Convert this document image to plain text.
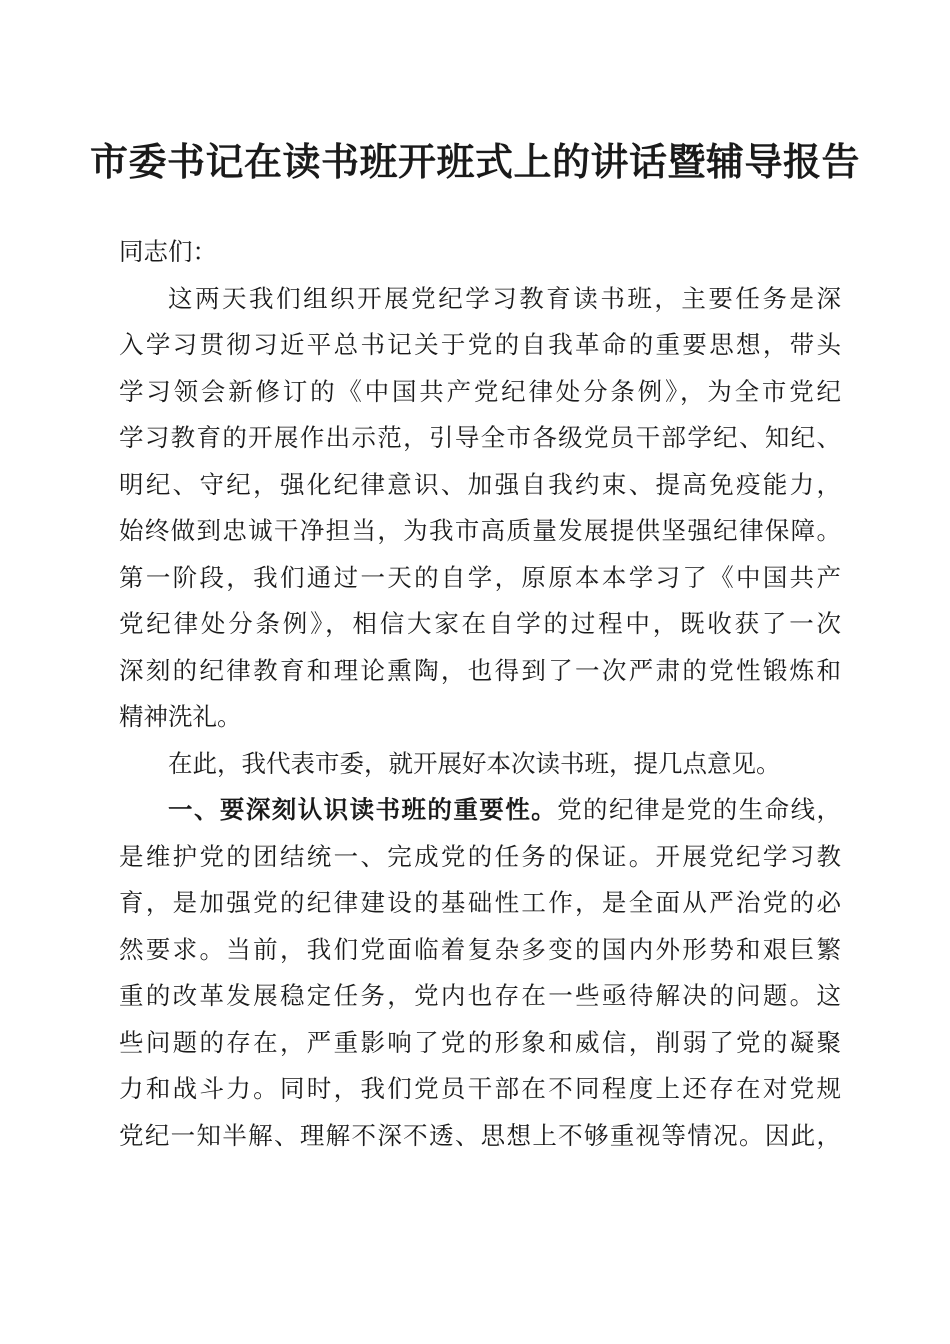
市委书记在读书班开班式上的讲话暨辅导报告
同志们：
这两天我们组织开展党纪学习教育读书班，主要任务是深
入学习贯彻习近平总书记关于党的自我革命的重要思想，带头
学习领会新修订的《中国共产党纪律处分条例》，为全市党纪
学习教育的开展作出示范，引导全市各级党员干部学纪、知纪、
明纪、守纪，强化纪律意识、加强自我约束、提高免疫能力，
始终做到忠诚干净担当，为我市高质量发展提供坚强纪律保障。
第一阶段，我们通过一天的自学，原原本本学习了《中国共产
党纪律处分条例》，相信大家在自学的过程中，既收获了一次
深刻的纪律教育和理论熏陶，也得到了一次严肃的党性锻炼和
精神洗礼。
在此，我代表市委，就开展好本次读书班，提几点意见。
一、要深刻认识读书班的重要性。党的纪律是党的生命线，
是维护党的团结统一、完成党的任务的保证。开展党纪学习教
育，是加强党的纪律建设的基础性工作，是全面从严治党的必
然要求。当前，我们党面临着复杂多变的国内外形势和艰巨繁
重的改革发展稳定任务，党内也存在一些亟待解决的问题。这
些问题的存在，严重影响了党的形象和威信，削弱了党的凝聚
力和战斗力。同时，我们党员干部在不同程度上还存在对党规
党纪一知半解、理解不深不透、思想上不够重视等情况。因此，
